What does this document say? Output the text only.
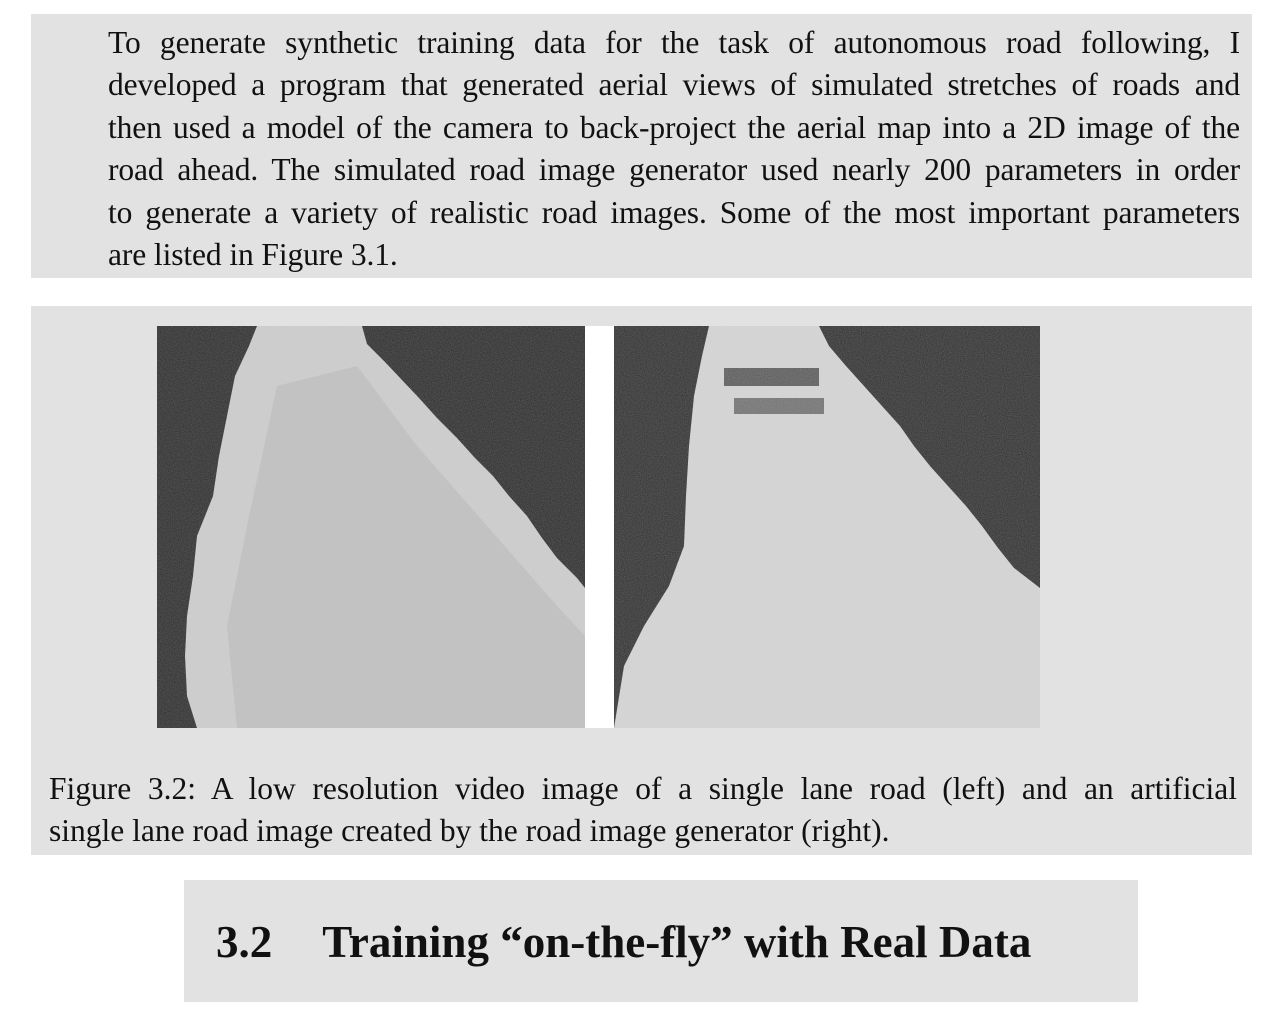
To generate synthetic training data for the task of autonomous road following, I
developed a program that generated aerial views of simulated stretches of roads and
then used a model of the camera to back-project the aerial map into a 2D image of the
road ahead. The simulated road image generator used nearly 200 parameters in order
to generate a variety of realistic road images. Some of the most important parameters
are listed in Figure 3.1.

Figure 3.2: A low resolution video image of a single lane road (left) and an artificial
single lane road image created by the road image generator (right).

3.2 Training “on-the-fly” with Real Data
